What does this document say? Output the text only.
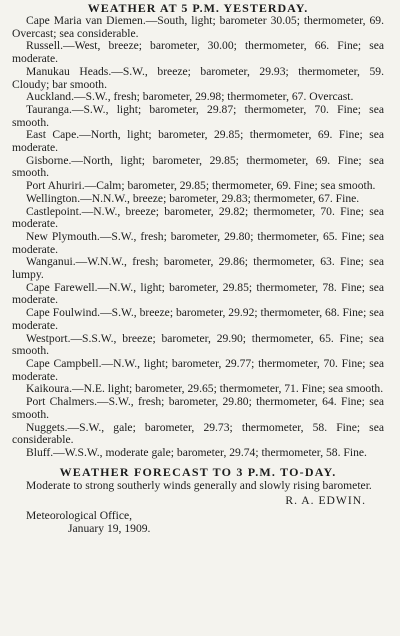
WEATHER AT 5 P.M. YESTERDAY.

Cape Maria van Diemen.—South, light; barometer 30.05; thermometer, 69. Overcast; sea considerable.

Russell.—West, breeze; barometer, 30.00; thermometer, 66. Fine; sea moderate.

Manukau Heads.—S.W., breeze; barometer, 29.93; thermometer, 59. Cloudy; bar smooth.

Auckland.—S.W., fresh; barometer, 29.98; thermometer, 67. Overcast.

Tauranga.—S.W., light; barometer, 29.87; thermometer, 70. Fine; sea smooth.

East Cape.—North, light; barometer, 29.85; thermometer, 69. Fine; sea moderate.

Gisborne.—North, light; barometer, 29.85; thermometer, 69. Fine; sea smooth.

Port Ahuriri.—Calm; barometer, 29.85; thermometer, 69. Fine; sea smooth.

Wellington.—N.N.W., breeze; barometer, 29.83; thermometer, 67. Fine.

Castlepoint.—N.W., breeze; barometer, 29.82; thermometer, 70. Fine; sea moderate.

New Plymouth.—S.W., fresh; barometer, 29.80; thermometer, 65. Fine; sea moderate.

Wanganui.—W.N.W., fresh; barometer, 29.86; thermometer, 63. Fine; sea lumpy.

Cape Farewell.—N.W., light; barometer, 29.85; thermometer, 78. Fine; sea moderate.

Cape Foulwind.—S.W., breeze; barometer, 29.92; thermometer, 68. Fine; sea moderate.

Westport.—S.S.W., breeze; barometer, 29.90; thermometer, 65. Fine; sea smooth.

Cape Campbell.—N.W., light; barometer, 29.77; thermometer, 70. Fine; sea moderate.

Kaikoura.—N.E. light; barometer, 29.65; thermometer, 71. Fine; sea smooth.

Port Chalmers.—S.W., fresh; barometer, 29.80; thermometer, 64. Fine; sea smooth.

Nuggets.—S.W., gale; barometer, 29.73; thermometer, 58. Fine; sea considerable.

Bluff.—W.S.W., moderate gale; barometer, 29.74; thermometer, 58. Fine.

WEATHER FORECAST TO 3 P.M. TO-DAY.

Moderate to strong southerly winds generally and slowly rising barometer.

R. A. EDWIN.
Meteorological Office,
January 19, 1909.
